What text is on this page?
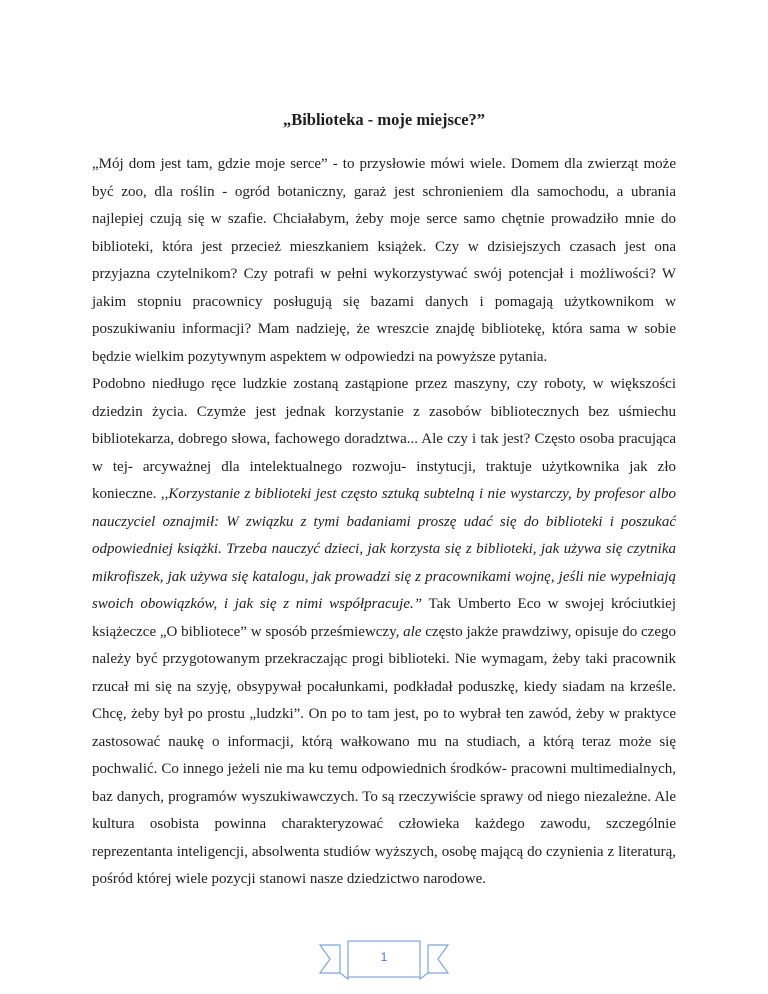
„Biblioteka - moje miejsce?”

„Mój dom jest tam, gdzie moje serce” - to przysłowie mówi wiele. Domem dla zwierząt może być zoo, dla roślin - ogród botaniczny, garaż jest schronieniem dla samochodu, a ubrania najlepiej czują się w szafie. Chciałabym, żeby moje serce samo chętnie prowadziło mnie do biblioteki, która jest przecież mieszkaniem książek. Czy w dzisiejszych czasach jest ona przyjazna czytelnikom? Czy potrafi w pełni wykorzystywać swój potencjał i możliwości? W jakim stopniu pracownicy posługują się bazami danych i pomagają użytkownikom w poszukiwaniu informacji? Mam nadzieję, że wreszcie znajdę bibliotekę, która sama w sobie będzie wielkim pozytywnym aspektem w odpowiedzi na powyższe pytania.

Podobno niedługo ręce ludzkie zostaną zastąpione przez maszyny, czy roboty, w większości dziedzin życia. Czymże jest jednak korzystanie z zasobów bibliotecznych bez uśmiechu bibliotekarza, dobrego słowa, fachowego doradztwa... Ale czy i tak jest? Często osoba pracująca w tej- arcyważnej dla intelektualnego rozwoju- instytucji, traktuje użytkownika jak zło konieczne. ,,Korzystanie z biblioteki jest często sztuką subtelną i nie wystarczy, by profesor albo nauczyciel oznajmił: W związku z tymi badaniami proszę udać się do biblioteki i poszukać odpowiedniej książki. Trzeba nauczyć dzieci, jak korzysta się z biblioteki, jak używa się czytnika mikrofiszek, jak używa się katalogu, jak prowadzi się z pracownikami wojnę, jeśli nie wypełniają swoich obowiązków, i jak się z nimi współpracuje.” Tak Umberto Eco w swojej króciutkiej książeczce „O bibliotece” w sposób prześmiewczy, ale często jakże prawdziwy, opisuje do czego należy być przygotowanym przekraczając progi biblioteki. Nie wymagam, żeby taki pracownik rzucał mi się na szyję, obsypywał pocałunkami, podkładał poduszkę, kiedy siadam na krześle. Chcę, żeby był po prostu „ludzki”. On po to tam jest, po to wybrał ten zawód, żeby w praktyce zastosować naukę o informacji, którą wałkowano mu na studiach, a którą teraz może się pochwalić. Co innego jeżeli nie ma ku temu odpowiednich środków- pracowni multimedialnych, baz danych, programów wyszukiwawczych. To są rzeczywiście sprawy od niego niezależne. Ale kultura osobista powinna charakteryzować człowieka każdego zawodu, szczególnie reprezentanta inteligencji, absolwenta studiów wyższych, osobę mającą do czynienia z literaturą, pośród której wiele pozycji stanowi nasze dziedzictwo narodowe.

1
